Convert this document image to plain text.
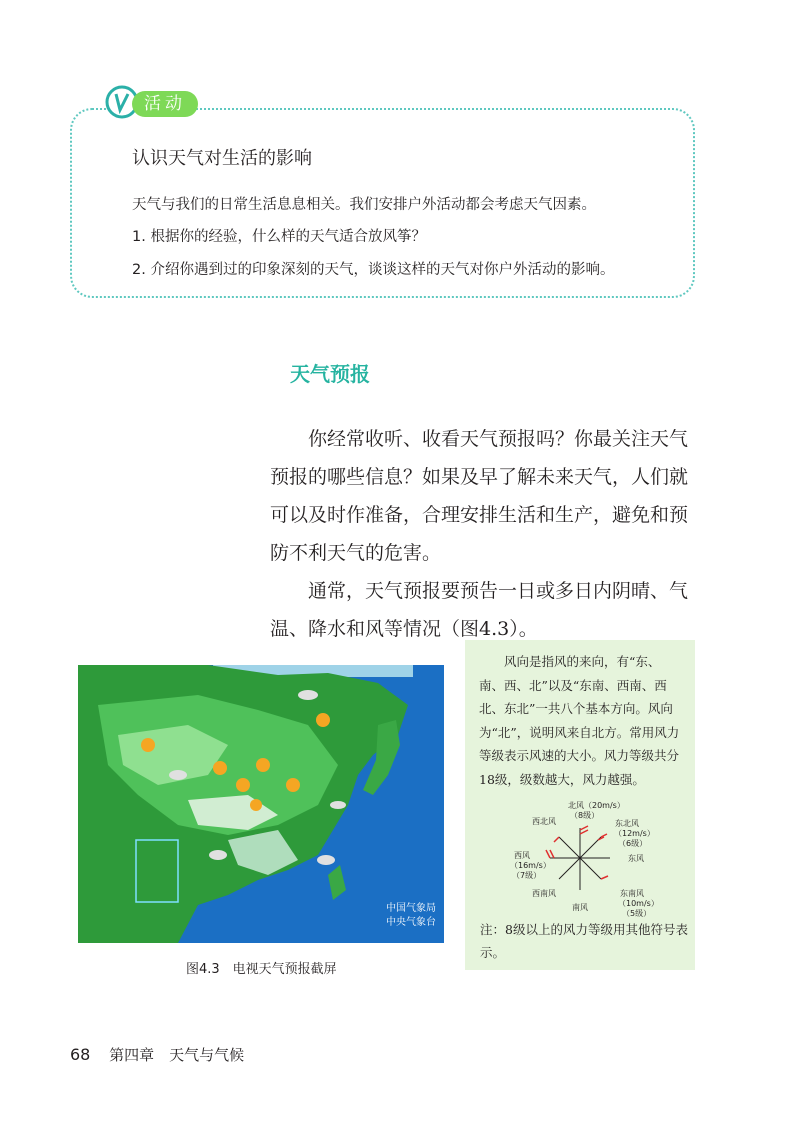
活动
认识天气对生活的影响
天气与我们的日常生活息息相关。我们安排户外活动都会考虑天气因素。
1. 根据你的经验，什么样的天气适合放风筝？
2. 介绍你遇到过的印象深刻的天气，谈谈这样的天气对你户外活动的影响。
天气预报

你经常收听、收看天气预报吗？你最关注天气预报的哪些信息？如果及早了解未来天气，人们就可以及时作准备，合理安排生活和生产，避免和预防不利天气的危害。

通常，天气预报要预告一日或多日内阴晴、气温、降水和风等情况（图4.3）。

中国气象局
中央气象台
图4.3　电视天气预报截屏
风向是指风的来向，有“东、南、西、北”以及“东南、西南、西北、东北”一共八个基本方向。风向为“北”，说明风来自北方。常用风力等级表示风速的大小。风力等级共分18级，级数越大，风力越强。
北风（20m/s）
（8级）
东北风
（12m/s）
（6级）
东风
东南风
（10m/s）
（5级）
南风
西南风
西风
（16m/s）
（7级）
西北风
注：8级以上的风力等级用其他符号表示。
68 第四章　天气与气候
